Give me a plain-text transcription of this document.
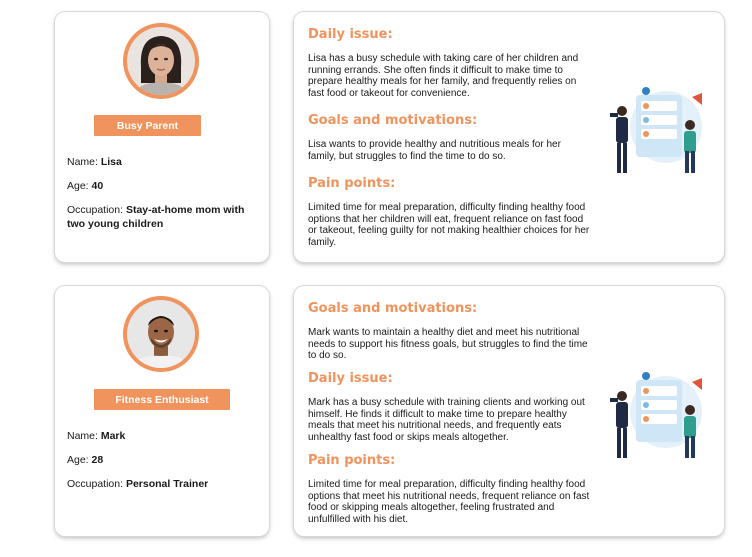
Busy Parent
Name: Lisa
Age: 40
Occupation: Stay-at-home mom with two young children
Daily issue:
Lisa has a busy schedule with taking care of her children and running errands. She often finds it difficult to make time to prepare healthy meals for her family, and frequently relies on fast food or takeout for convenience.
Goals and motivations:
Lisa wants to provide healthy and nutritious meals for her family, but struggles to find the time to do so.
Pain points:
Limited time for meal preparation, difficulty finding healthy food options that her children will eat, frequent reliance on fast food or takeout, feeling guilty for not making healthier choices for her family.
Fitness Enthusiast
Name: Mark
Age: 28
Occupation: Personal Trainer
Goals and motivations:
Mark wants to maintain a healthy diet and meet his nutritional needs to support his fitness goals, but struggles to find the time to do so.
Daily issue:
Mark has a busy schedule with training clients and working out himself. He finds it difficult to make time to prepare healthy meals that meet his nutritional needs, and frequently eats unhealthy fast food or skips meals altogether.
Pain points:
Limited time for meal preparation, difficulty finding healthy food options that meet his nutritional needs, frequent reliance on fast food or skipping meals altogether, feeling frustrated and unfulfilled with his diet.
